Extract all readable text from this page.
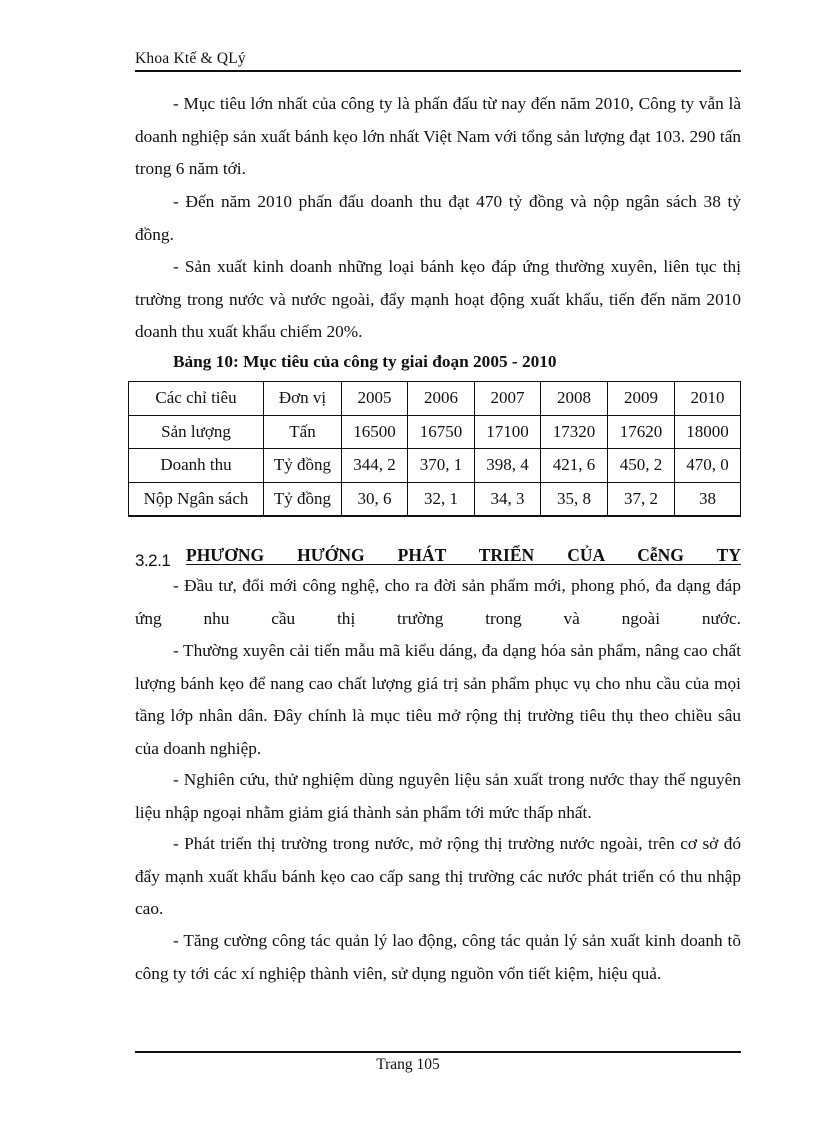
Khoa Ktế & QLý

- Mục tiêu lớn nhất của công ty là phấn đấu từ nay đến năm 2010, Công ty vẫn là doanh nghiệp sản xuất bánh kẹo lớn nhất Việt Nam với tổng sản lượng đạt 103. 290 tấn trong 6 năm tới.

- Đến năm 2010 phấn đấu doanh thu đạt 470 tỷ đồng và nộp ngân sách 38 tỷ đồng.

- Sản xuất kinh doanh những loại bánh kẹo đáp ứng thường xuyên, liên tục thị trường trong nước và nước ngoài, đẩy mạnh hoạt động xuất khẩu, tiến đến năm 2010 doanh thu xuất khẩu chiếm 20%.

Bảng 10: Mục tiêu của công ty giai đoạn 2005 - 2010

Các chỉ tiêu	Đơn vị	2005	2006	2007	2008	2009	2010
Sản lượng	Tấn	16500	16750	17100	17320	17620	18000
Doanh thu	Tỷ đồng	344, 2	370, 1	398, 4	421, 6	450, 2	470, 0
Nộp Ngân sách	Tỷ đồng	30, 6	32, 1	34, 3	35, 8	37, 2	38
3.2.1 PHƯƠNG HƯỚNG PHÁT TRIỂN CỦA CễNG TY

- Đầu tư, đổi mới công nghệ, cho ra đời sản phẩm mới, phong phó, đa dạng đáp ứng nhu cầu thị trường trong và ngoài nước.

- Thường xuyên cải tiến mẫu mã kiểu dáng, đa dạng hóa sản phẩm, nâng cao chất lượng bánh kẹo để nang cao chất lượng giá trị sản phẩm phục vụ cho nhu cầu của mọi tầng lớp nhân dân. Đây chính là mục tiêu mở rộng thị trường tiêu thụ theo chiều sâu của doanh nghiệp.

- Nghiên cứu, thử nghiệm dùng nguyên liệu sản xuất trong nước thay thế nguyên liệu nhập ngoại nhằm giảm giá thành sản phẩm tới mức thấp nhất.

- Phát triển thị trường trong nước, mở rộng thị trường nước ngoài, trên cơ sở đó đẩy mạnh xuất khẩu bánh kẹo cao cấp sang thị trường các nước phát triển có thu nhập cao.

- Tăng cường công tác quản lý lao động, công tác quản lý sản xuất kinh doanh tõ công ty tới các xí nghiệp thành viên, sử dụng nguồn vốn tiết kiệm, hiệu quả.

Trang 105
